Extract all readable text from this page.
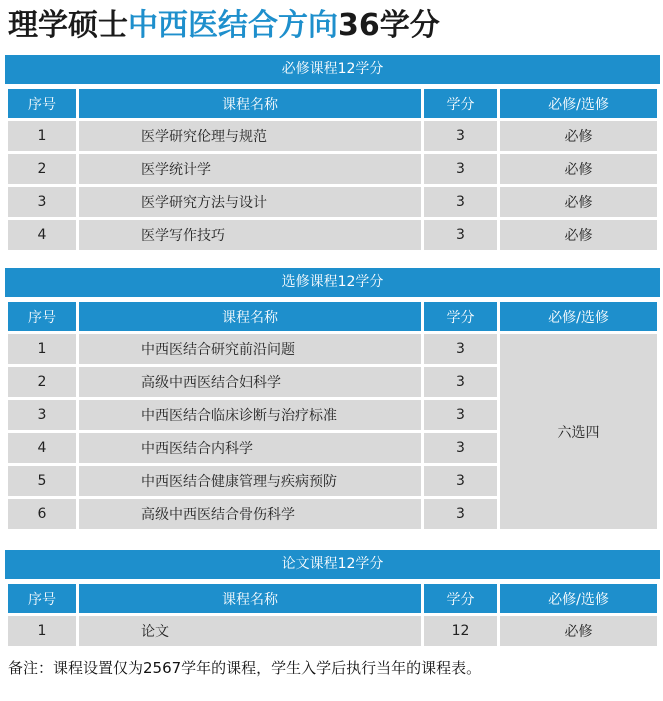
理学硕士中西医结合方向36学分
必修课程12学分
序号	课程名称	学分	必修/选修
1	医学研究伦理与规范	3	必修
2	医学统计学	3	必修
3	医学研究方法与设计	3	必修
4	医学写作技巧	3	必修
选修课程12学分
序号	课程名称	学分	必修/选修
1	中西医结合研究前沿问题	3	六选四
2	高级中西医结合妇科学	3	
3	中西医结合临床诊断与治疗标准	3	
4	中西医结合内科学	3	
5	中西医结合健康管理与疾病预防	3	
6	高级中西医结合骨伤科学	3	
论文课程12学分
序号	课程名称	学分	必修/选修
1	论文	12	必修
备注：课程设置仅为2567学年的课程，学生入学后执行当年的课程表。
